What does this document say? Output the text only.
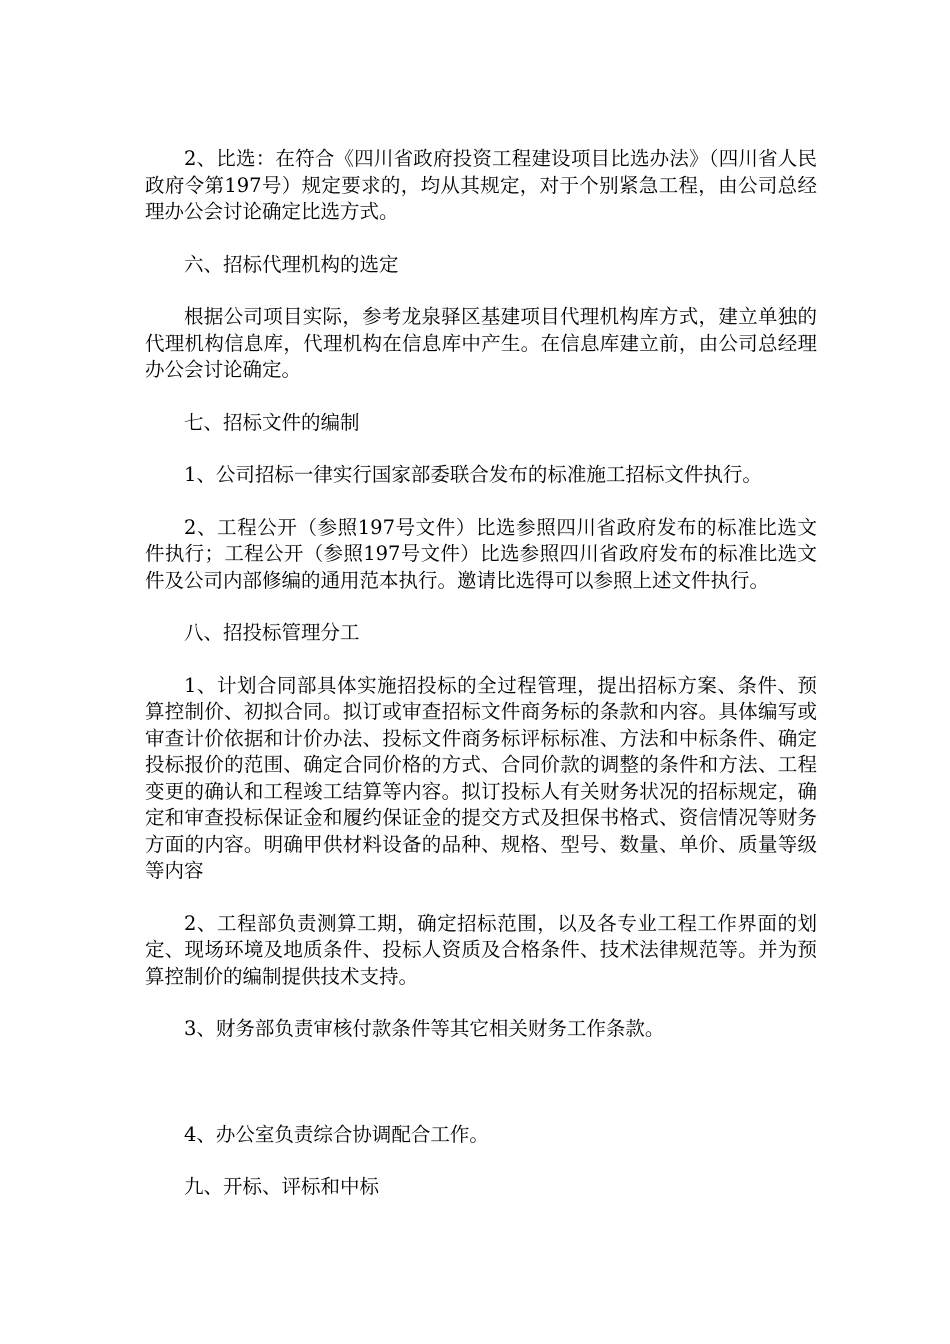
2、比选：在符合《四川省政府投资工程建设项目比选办法》（四川省人民政府令第197号）规定要求的，均从其规定，对于个别紧急工程，由公司总经理办公会讨论确定比选方式。

六、招标代理机构的选定

根据公司项目实际，参考龙泉驿区基建项目代理机构库方式，建立单独的代理机构信息库，代理机构在信息库中产生。在信息库建立前，由公司总经理办公会讨论确定。

七、招标文件的编制

1、公司招标一律实行国家部委联合发布的标准施工招标文件执行。

2、工程公开（参照197号文件）比选参照四川省政府发布的标准比选文件执行；工程公开（参照197号文件）比选参照四川省政府发布的标准比选文件及公司内部修编的通用范本执行。邀请比选得可以参照上述文件执行。

八、招投标管理分工

1、计划合同部具体实施招投标的全过程管理，提出招标方案、条件、预算控制价、初拟合同。拟订或审查招标文件商务标的条款和内容。具体编写或审查计价依据和计价办法、投标文件商务标评标标准、方法和中标条件、确定投标报价的范围、确定合同价格的方式、合同价款的调整的条件和方法、工程变更的确认和工程竣工结算等内容。拟订投标人有关财务状况的招标规定，确定和审查投标保证金和履约保证金的提交方式及担保书格式、资信情况等财务方面的内容。明确甲供材料设备的品种、规格、型号、数量、单价、质量等级等内容

2、工程部负责测算工期，确定招标范围，以及各专业工程工作界面的划定、现场环境及地质条件、投标人资质及合格条件、技术法律规范等。并为预算控制价的编制提供技术支持。

3、财务部负责审核付款条件等其它相关财务工作条款。

4、办公室负责综合协调配合工作。

九、开标、评标和中标
